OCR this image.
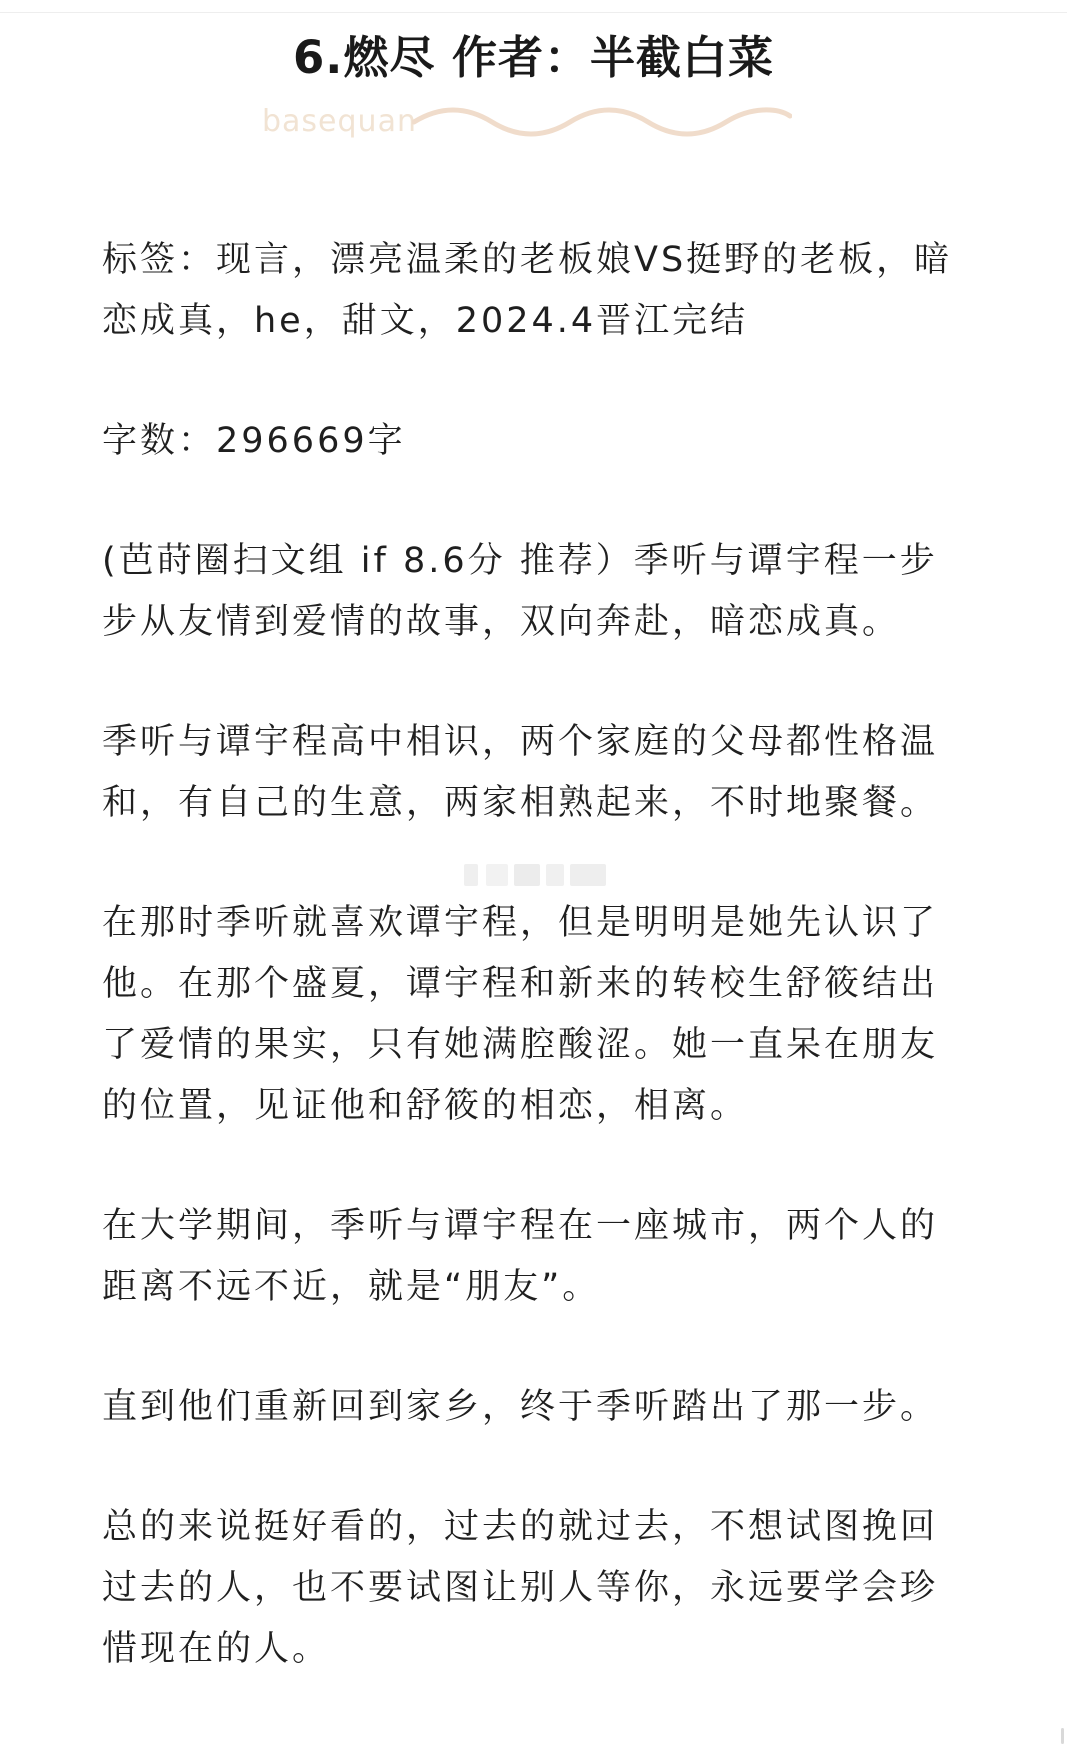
6.燃尽 作者：半截白菜
basequan

标签：现言，漂亮温柔的老板娘VS挺野的老板，暗恋成真，he，甜文，2024.4晋江完结

字数：296669字

(芭莳圈扫文组 if 8.6分 推荐）季听与谭宇程一步步从友情到爱情的故事，双向奔赴，暗恋成真。

季听与谭宇程高中相识，两个家庭的父母都性格温和，有自己的生意，两家相熟起来，不时地聚餐。

在那时季听就喜欢谭宇程，但是明明是她先认识了他。在那个盛夏，谭宇程和新来的转校生舒筱结出了爱情的果实，只有她满腔酸涩。她一直呆在朋友的位置，见证他和舒筱的相恋，相离。

在大学期间，季听与谭宇程在一座城市，两个人的距离不远不近，就是“朋友”。

直到他们重新回到家乡，终于季听踏出了那一步。

总的来说挺好看的，过去的就过去，不想试图挽回过去的人，也不要试图让别人等你，永远要学会珍惜现在的人。
